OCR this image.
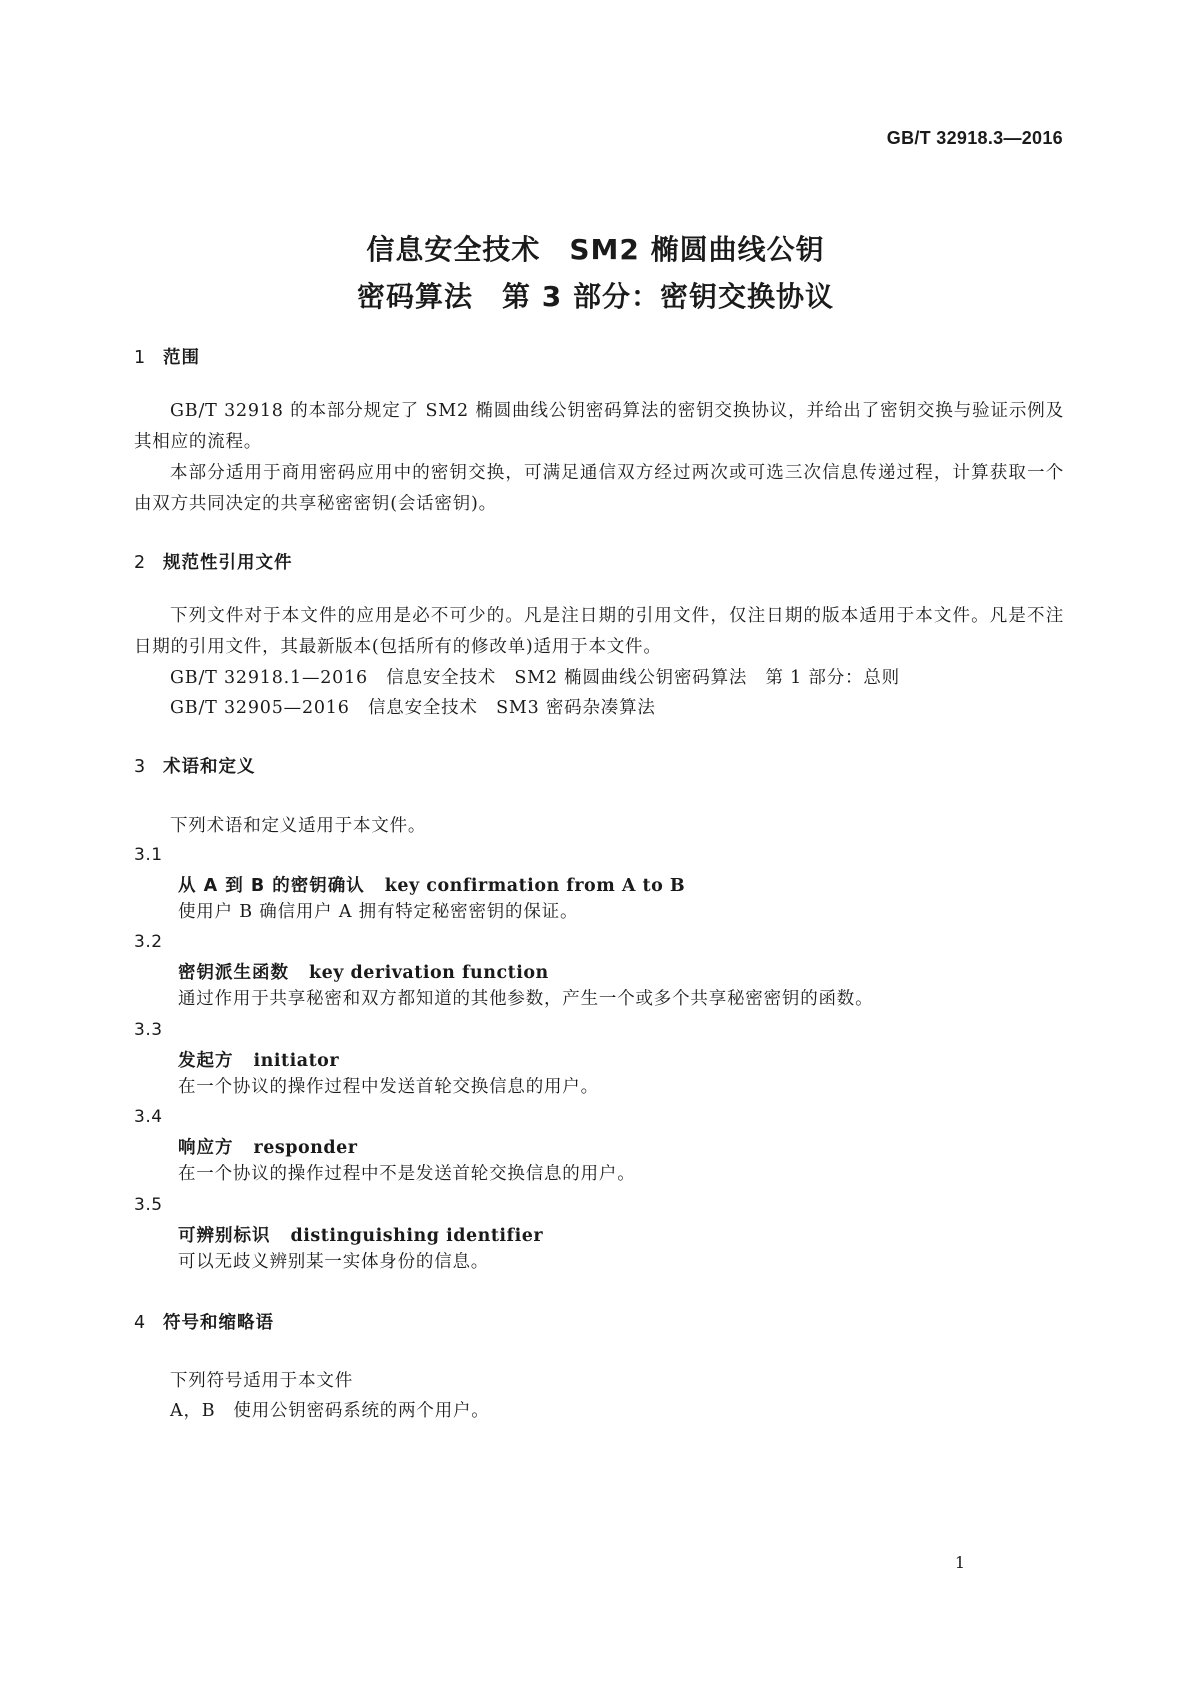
GB/T 32918.3—2016
信息安全技术　SM2 椭圆曲线公钥
密码算法　第 3 部分：密钥交换协议
1 范围

GB/T 32918 的本部分规定了 SM2 椭圆曲线公钥密码算法的密钥交换协议，并给出了密钥交换与验证示例及其相应的流程。

本部分适用于商用密码应用中的密钥交换，可满足通信双方经过两次或可选三次信息传递过程，计算获取一个由双方共同决定的共享秘密密钥(会话密钥)。

2 规范性引用文件

下列文件对于本文件的应用是必不可少的。凡是注日期的引用文件，仅注日期的版本适用于本文件。凡是不注日期的引用文件，其最新版本(包括所有的修改单)适用于本文件。

GB/T 32918.1—2016　信息安全技术　SM2 椭圆曲线公钥密码算法　第 1 部分：总则
GB/T 32905—2016　信息安全技术　SM3 密码杂凑算法
3 术语和定义
下列术语和定义适用于本文件。
3.1
从 A 到 B 的密钥确认 key confirmation from A to B
使用户 B 确信用户 A 拥有特定秘密密钥的保证。
3.2
密钥派生函数 key derivation function
通过作用于共享秘密和双方都知道的其他参数，产生一个或多个共享秘密密钥的函数。
3.3
发起方 initiator
在一个协议的操作过程中发送首轮交换信息的用户。
3.4
响应方 responder
在一个协议的操作过程中不是发送首轮交换信息的用户。
3.5
可辨别标识 distinguishing identifier
可以无歧义辨别某一实体身份的信息。
4 符号和缩略语
下列符号适用于本文件
A，B 使用公钥密码系统的两个用户。
1
